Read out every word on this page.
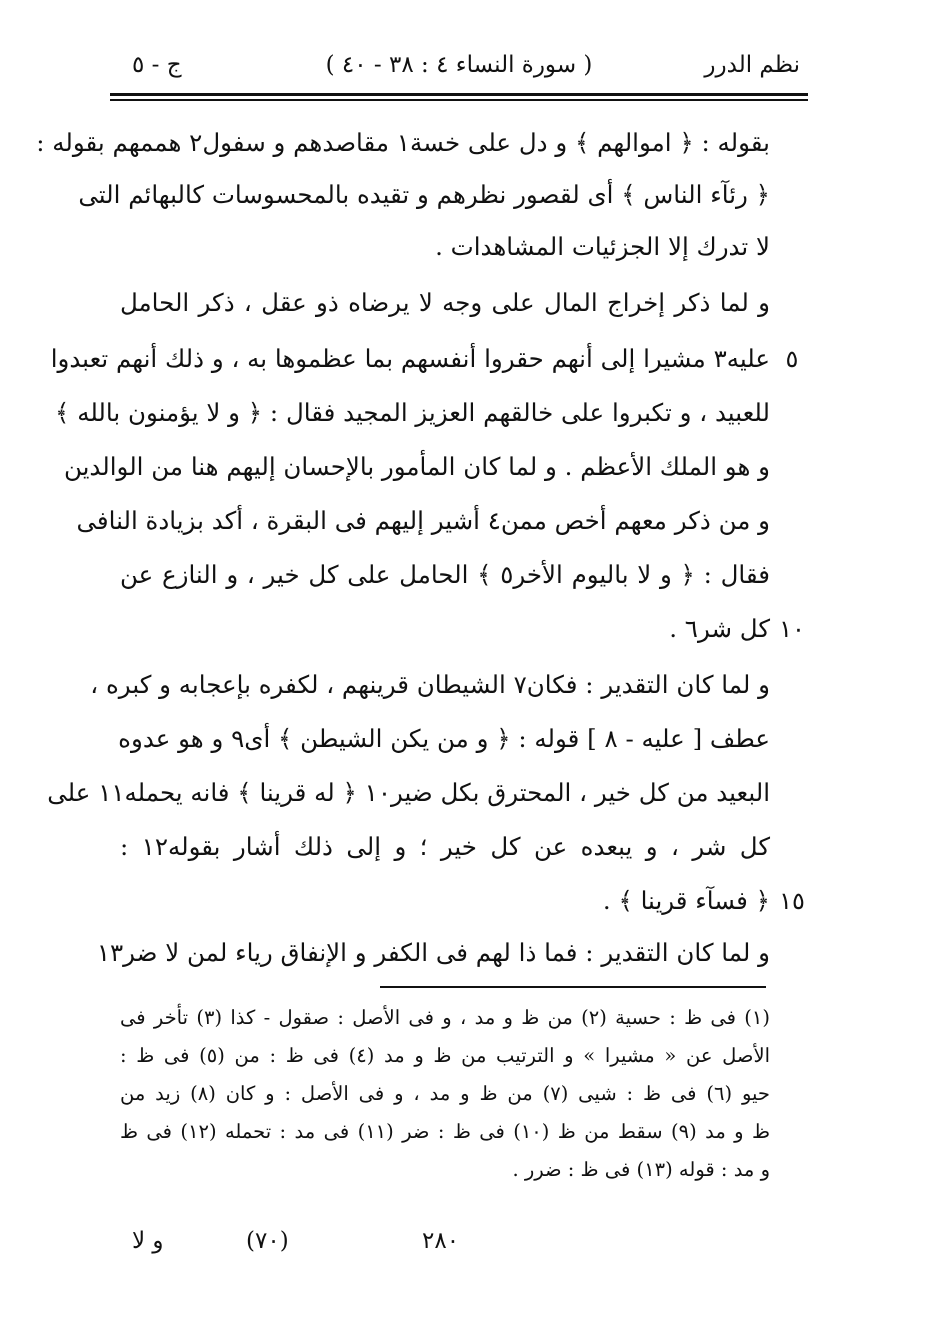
نظم الدرر
( سورة النساء ٤ : ٣٨ - ٤٠ )
ج - ٥
بقوله : ﴿ اموالهم ﴾ و دل على خسة١ مقاصدهم و سفول٢ هممهم بقوله :
﴿ رئآء الناس ﴾ أى لقصور نظرهم و تقيده بالمحسوسات كالبهائم التى
لا تدرك إلا الجزئيات المشاهدات .
و لما ذكر إخراج المال على وجه لا يرضاه ذو عقل ، ذكر الحامل
عليه٣ مشيرا إلى أنهم حقروا أنفسهم بما عظموها به ، و ذلك أنهم تعبدوا
للعبيد ، و تكبروا على خالقهم العزيز المجيد فقال : ﴿ و لا يؤمنون بالله ﴾
و هو الملك الأعظم . و لما كان المأمور بالإحسان إليهم هنا من الوالدين
و من ذكر معهم أخص ممن٤ أشير إليهم فى البقرة ، أكد بزيادة النافى
فقال : ﴿ و لا باليوم الأخر٥ ﴾ الحامل على كل خير ، و النازع عن
كل شر٦ .
و لما كان التقدير : فكان٧ الشيطان قرينهم ، لكفره بإعجابه و كبره ،
عطف [ عليه - ٨ ] قوله : ﴿ و من يكن الشيطن ﴾ أى٩ و هو عدوه
البعيد من كل خير ، المحترق بكل ضير١٠ ﴿ له قرينا ﴾ فانه يحمله١١ على
كل شر ، و يبعده عن كل خير ؛ و إلى ذلك أشار بقوله١٢ :
﴿ فسآء قرينا ﴾ .
و لما كان التقدير : فما ذا لهم فى الكفر و الإنفاق رياء لمن لا ضر١٣
٥
١٠
١٥
(١) فى ظ : حسية (٢) من ظ و مد ، و فى الأصل : صقول - كذا (٣) تأخر فى
الأصل عن « مشيرا » و الترتيب من ظ و مد (٤) فى ظ : من (٥) فى ظ :
حيو (٦) فى ظ : شيى (٧) من ظ و مد ، و فى الأصل : و كان (٨) زيد من
ظ و مد (٩) سقط من ظ (١٠) فى ظ : ضر (١١) فى مد : تحمله (١٢) فى ظ
و مد : قوله (١٣) فى ظ : ضرر .
و لا	(٧٠)	٢٨٠
